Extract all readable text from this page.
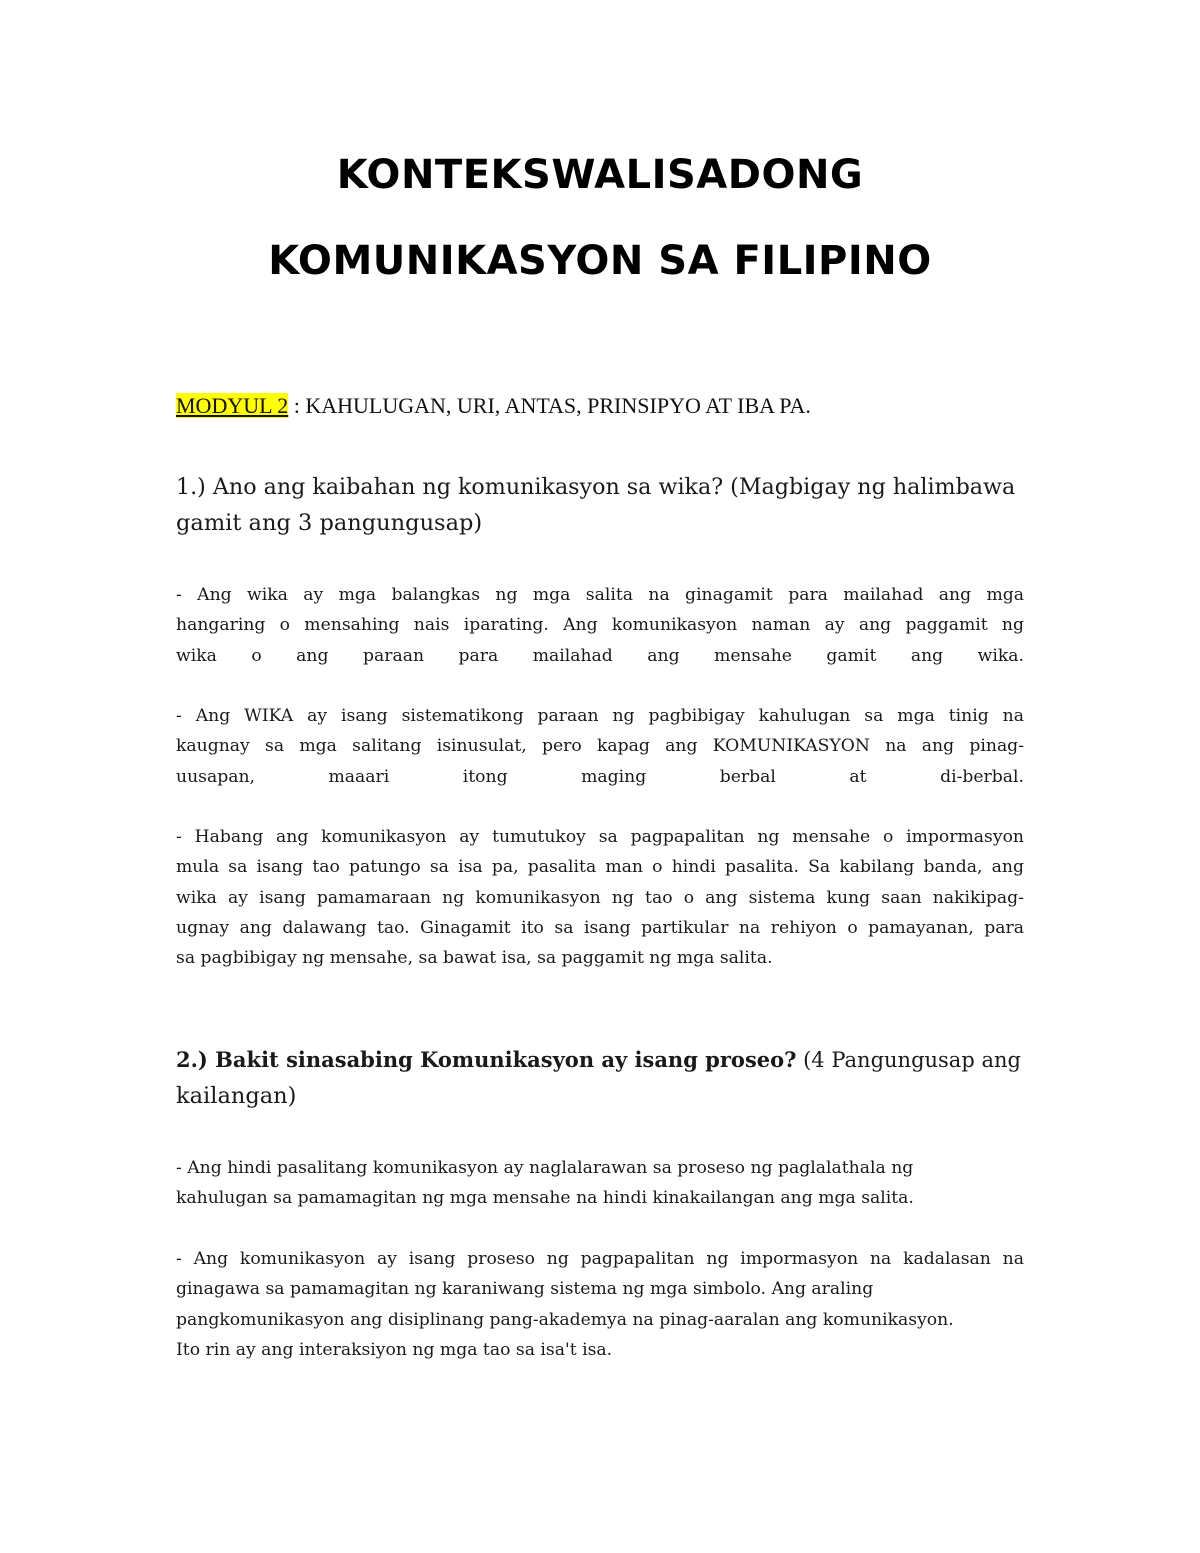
KONTEKSWALISADONG
KOMUNIKASYON SA FILIPINO

MODYUL 2 : KAHULUGAN, URI, ANTAS, PRINSIPYO AT IBA PA.

1.) Ano ang kaibahan ng komunikasyon sa wika? (Magbigay ng halimbawa
gamit ang 3 pangungusap)
- Ang wika ay mga balangkas ng mga salita na ginagamit para mailahad ang mga
hangaring o mensahing nais iparating. Ang komunikasyon naman ay ang paggamit ng
wika o ang paraan para mailahad ang mensahe gamit ang wika.
- Ang WIKA ay isang sistematikong paraan ng pagbibigay kahulugan sa mga tinig na
kaugnay sa mga salitang isinusulat, pero kapag ang KOMUNIKASYON na ang pinag-
uusapan, maaari itong maging berbal at di-berbal.
- Habang ang komunikasyon ay tumutukoy sa pagpapalitan ng mensahe o impormasyon
mula sa isang tao patungo sa isa pa, pasalita man o hindi pasalita. Sa kabilang banda, ang
wika ay isang pamamaraan ng komunikasyon ng tao o ang sistema kung saan nakikipag-
ugnay ang dalawang tao. Ginagamit ito sa isang partikular na rehiyon o pamayanan, para
sa pagbibigay ng mensahe, sa bawat isa, sa paggamit ng mga salita.
2.) Bakit sinasabing Komunikasyon ay isang proseo? (4 Pangungusap ang
kailangan)
- Ang hindi pasalitang komunikasyon ay naglalarawan sa proseso ng paglalathala ng
kahulugan sa pamamagitan ng mga mensahe na hindi kinakailangan ang mga salita.
- Ang komunikasyon ay isang proseso ng pagpapalitan ng impormasyon na kadalasan na
ginagawa sa pamamagitan ng karaniwang sistema ng mga simbolo. Ang araling
pangkomunikasyon ang disiplinang pang-akademya na pinag-aaralan ang komunikasyon.
Ito rin ay ang interaksiyon ng mga tao sa isa't isa.
